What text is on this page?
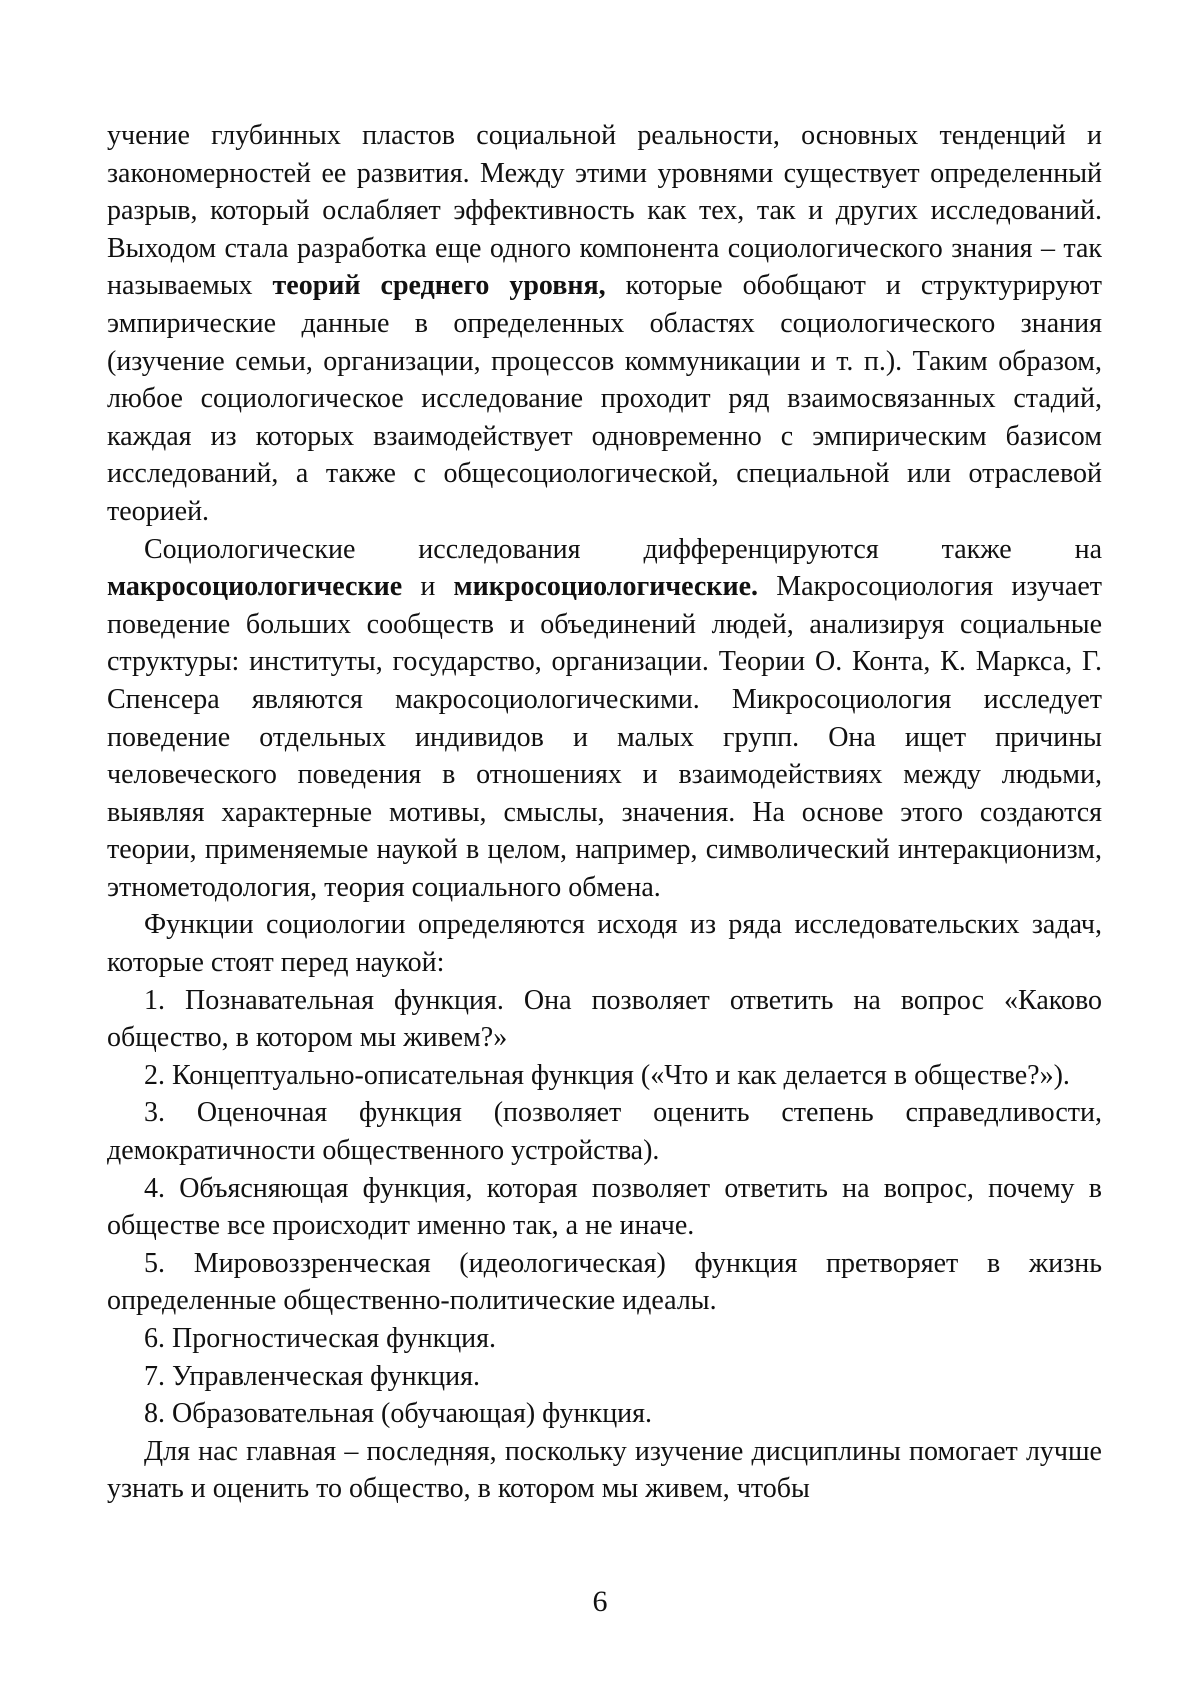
учение глубинных пластов социальной реальности, основных тенденций и закономерностей ее развития. Между этими уровнями существует определенный разрыв, который ослабляет эффективность как тех, так и других исследований. Выходом стала разработка еще одного компонента социологического знания – так называемых теорий среднего уровня, которые обобщают и структурируют эмпирические данные в определенных областях социологического знания (изучение семьи, организации, процессов коммуникации и т. п.). Таким образом, любое социологическое исследование проходит ряд взаимосвязанных стадий, каждая из которых взаимодействует одновременно с эмпирическим базисом исследований, а также с общесоциологической, специальной или отраслевой теорией.

Социологические исследования дифференцируются также на макросоциологические и микросоциологические. Макросоциология изучает поведение больших сообществ и объединений людей, анализируя социальные структуры: институты, государство, организации. Теории О. Конта, К. Маркса, Г. Спенсера являются макросоциологическими. Микросоциология исследует поведение отдельных индивидов и малых групп. Она ищет причины человеческого поведения в отношениях и взаимодействиях между людьми, выявляя характерные мотивы, смыслы, значения. На основе этого создаются теории, применяемые наукой в целом, например, символический интеракционизм, этнометодология, теория социального обмена.

Функции социологии определяются исходя из ряда исследовательских задач, которые стоят перед наукой:

1. Познавательная функция. Она позволяет ответить на вопрос «Каково общество, в котором мы живем?»

2. Концептуально-описательная функция («Что и как делается в обществе?»).

3. Оценочная функция (позволяет оценить степень справедливости, демократичности общественного устройства).

4. Объясняющая функция, которая позволяет ответить на вопрос, почему в обществе все происходит именно так, а не иначе.

5. Мировоззренческая (идеологическая) функция претворяет в жизнь определенные общественно-политические идеалы.

6. Прогностическая функция.

7. Управленческая функция.

8. Образовательная (обучающая) функция.

Для нас главная – последняя, поскольку изучение дисциплины помогает лучше узнать и оценить то общество, в котором мы живем, чтобы

6
